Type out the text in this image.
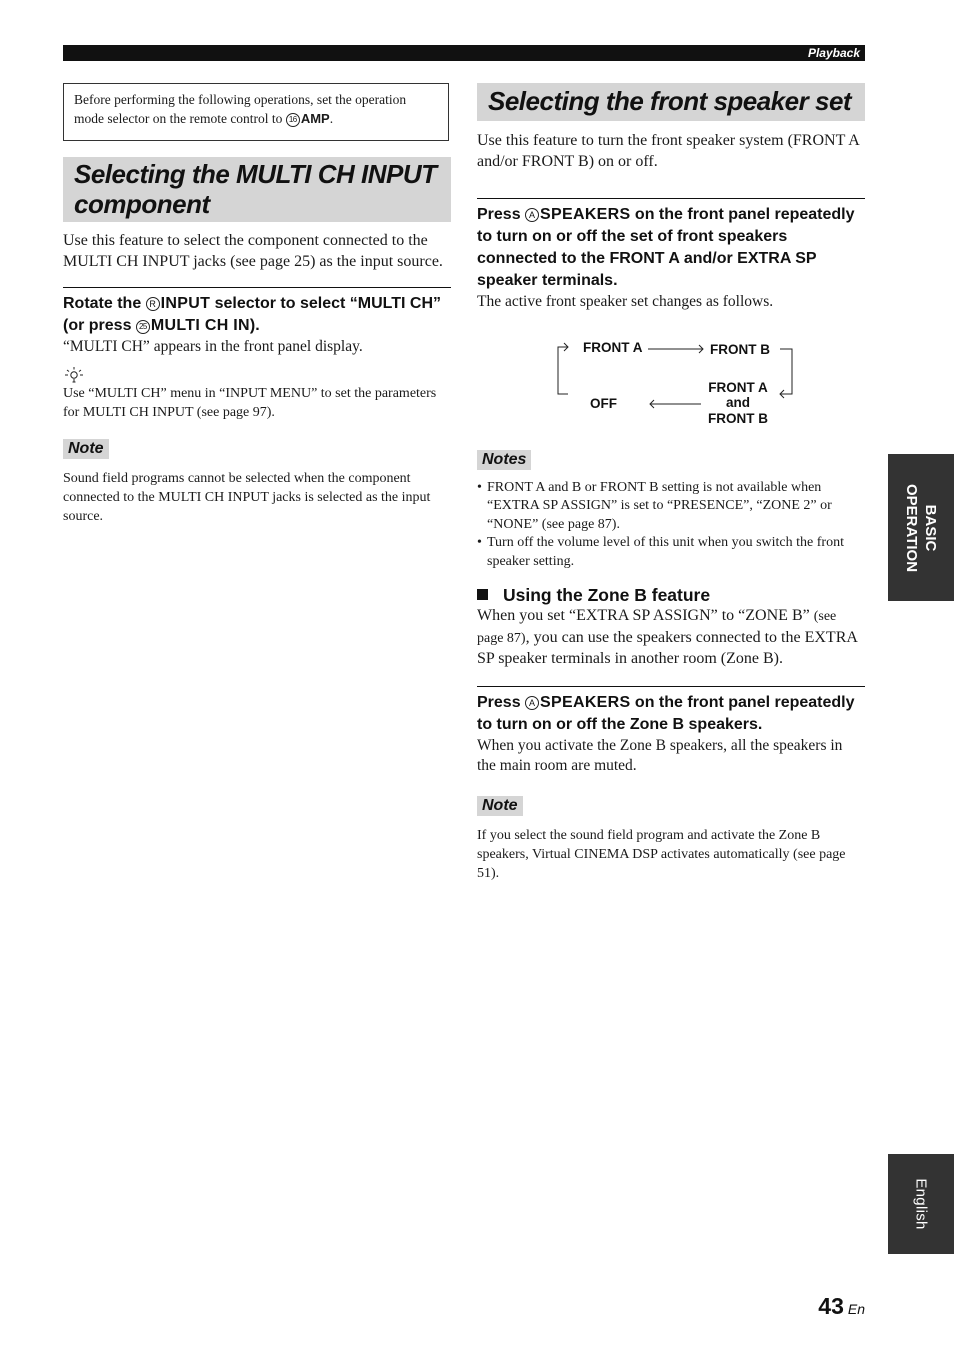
Playback
Before performing the following operations, set the operation mode selector on the remote control to 16 AMP.
Selecting the MULTI CH INPUT component

Use this feature to select the component connected to the MULTI CH INPUT jacks (see page 25) as the input source.

Rotate the R INPUT selector to select “MULTI CH” (or press 25 MULTI CH IN).

“MULTI CH” appears in the front panel display.

Use “MULTI CH” menu in “INPUT MENU” to set the parameters for MULTI CH INPUT (see page 97).

Note

Sound field programs cannot be selected when the component connected to the MULTI CH INPUT jacks is selected as the input source.

Selecting the front speaker set

Use this feature to turn the front speaker system (FRONT A and/or FRONT B) on or off.

Press A SPEAKERS on the front panel repeatedly to turn on or off the set of front speakers connected to the FRONT A and/or EXTRA SP speaker terminals.

The active front speaker set changes as follows.

FRONT A	FRONT B
FRONT A
and
FRONT B
OFF
Notes
• FRONT A and B or FRONT B setting is not available when “EXTRA SP ASSIGN” is set to “PRESENCE”, “ZONE 2” or “NONE” (see page 87).
• Turn off the volume level of this unit when you switch the front speaker setting.
Using the Zone B feature

When you set “EXTRA SP ASSIGN” to “ZONE B” (see page 87), you can use the speakers connected to the EXTRA SP speaker terminals in another room (Zone B).

Press A SPEAKERS on the front panel repeatedly to turn on or off the Zone B speakers.

When you activate the Zone B speakers, all the speakers in the main room are muted.

Note

If you select the sound field program and activate the Zone B speakers, Virtual CINEMA DSP activates automatically (see page 51).

BASIC
OPERATION
English
43 En
